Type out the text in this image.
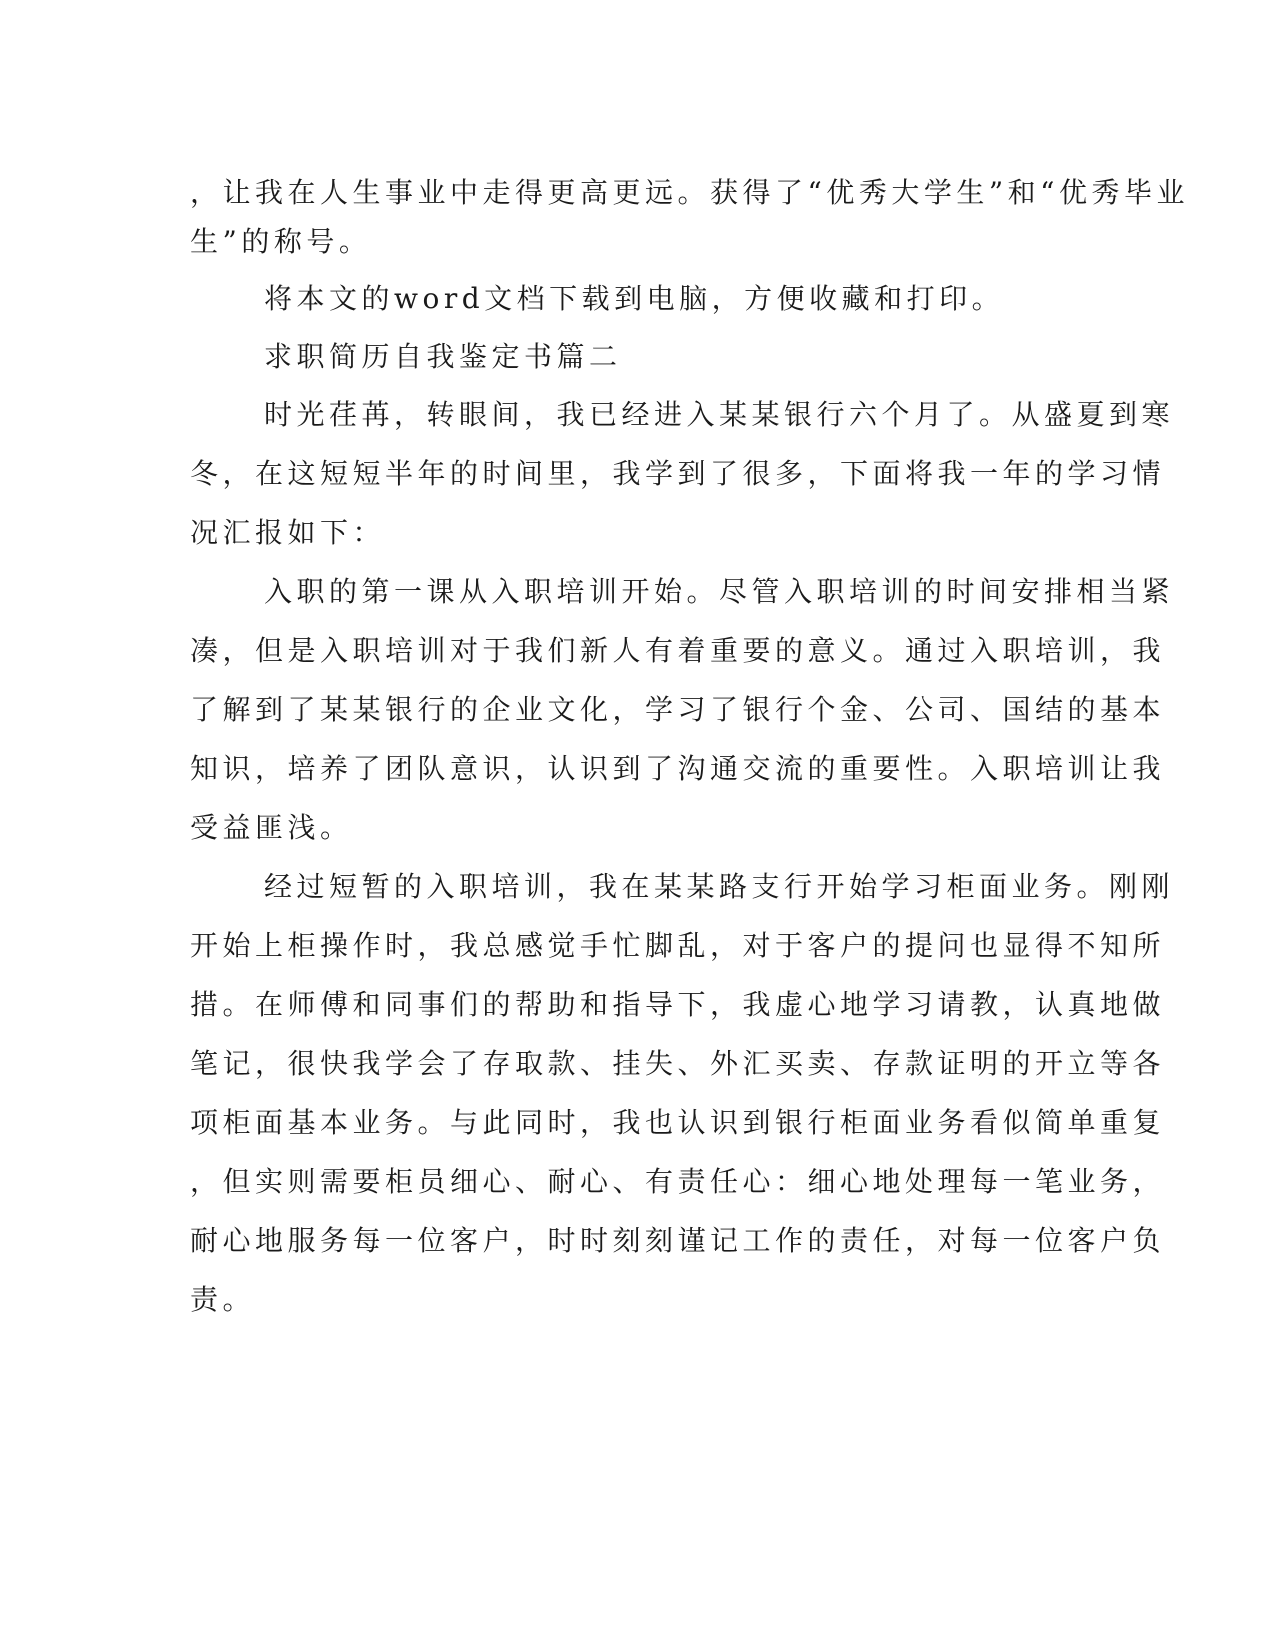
，让我在人生事业中走得更高更远。获得了“优秀大学生”和“优秀毕业
生”的称号。
将本文的word文档下载到电脑，方便收藏和打印。
求职简历自我鉴定书篇二
时光荏苒，转眼间，我已经进入某某银行六个月了。从盛夏到寒
冬，在这短短半年的时间里，我学到了很多，下面将我一年的学习情
况汇报如下：
入职的第一课从入职培训开始。尽管入职培训的时间安排相当紧
凑，但是入职培训对于我们新人有着重要的意义。通过入职培训，我
了解到了某某银行的企业文化，学习了银行个金、公司、国结的基本
知识，培养了团队意识，认识到了沟通交流的重要性。入职培训让我
受益匪浅。
经过短暂的入职培训，我在某某路支行开始学习柜面业务。刚刚
开始上柜操作时，我总感觉手忙脚乱，对于客户的提问也显得不知所
措。在师傅和同事们的帮助和指导下，我虚心地学习请教，认真地做
笔记，很快我学会了存取款、挂失、外汇买卖、存款证明的开立等各
项柜面基本业务。与此同时，我也认识到银行柜面业务看似简单重复
，但实则需要柜员细心、耐心、有责任心：细心地处理每一笔业务，
耐心地服务每一位客户，时时刻刻谨记工作的责任，对每一位客户负
责。
